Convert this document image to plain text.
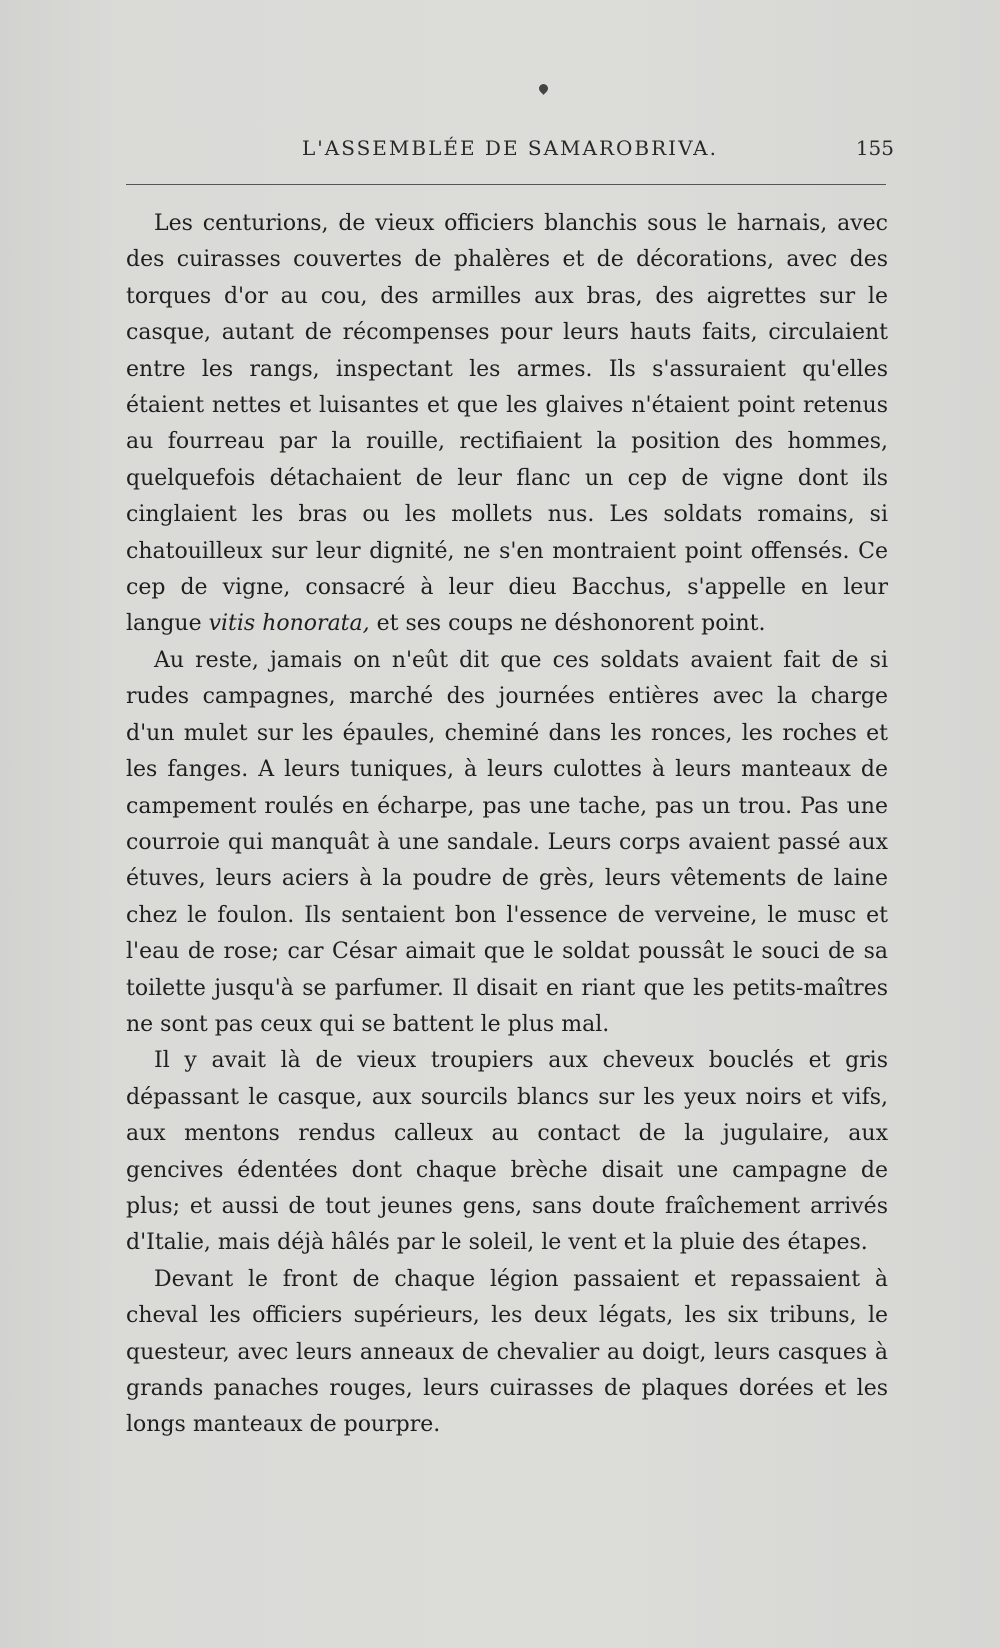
L'ASSEMBLÉE DE SAMAROBRIVA.	155

Les centurions, de vieux officiers blanchis sous le harnais, avec des cuirasses couvertes de phalères et de décorations, avec des torques d'or au cou, des armilles aux bras, des aigrettes sur le casque, autant de récompenses pour leurs hauts faits, circulaient entre les rangs, inspectant les armes. Ils s'assuraient qu'elles étaient nettes et luisantes et que les glaives n'étaient point retenus au fourreau par la rouille, rectifiaient la position des hommes, quelquefois détachaient de leur flanc un cep de vigne dont ils cinglaient les bras ou les mollets nus. Les soldats romains, si chatouilleux sur leur dignité, ne s'en montraient point offensés. Ce cep de vigne, consacré à leur dieu Bacchus, s'appelle en leur langue vitis honorata, et ses coups ne déshonorent point.

Au reste, jamais on n'eût dit que ces soldats avaient fait de si rudes campagnes, marché des journées entières avec la charge d'un mulet sur les épaules, cheminé dans les ronces, les roches et les fanges. A leurs tuniques, à leurs culottes à leurs manteaux de campement roulés en écharpe, pas une tache, pas un trou. Pas une courroie qui manquât à une sandale. Leurs corps avaient passé aux étuves, leurs aciers à la poudre de grès, leurs vêtements de laine chez le foulon. Ils sentaient bon l'essence de verveine, le musc et l'eau de rose; car César aimait que le soldat poussât le souci de sa toilette jusqu'à se parfumer. Il disait en riant que les petits-maîtres ne sont pas ceux qui se battent le plus mal.

Il y avait là de vieux troupiers aux cheveux bouclés et gris dépassant le casque, aux sourcils blancs sur les yeux noirs et vifs, aux mentons rendus calleux au contact de la jugulaire, aux gencives édentées dont chaque brèche disait une campagne de plus; et aussi de tout jeunes gens, sans doute fraîchement arrivés d'Italie, mais déjà hâlés par le soleil, le vent et la pluie des étapes.

Devant le front de chaque légion passaient et repassaient à cheval les officiers supérieurs, les deux légats, les six tribuns, le questeur, avec leurs anneaux de chevalier au doigt, leurs casques à grands panaches rouges, leurs cuirasses de plaques dorées et les longs manteaux de pourpre.
